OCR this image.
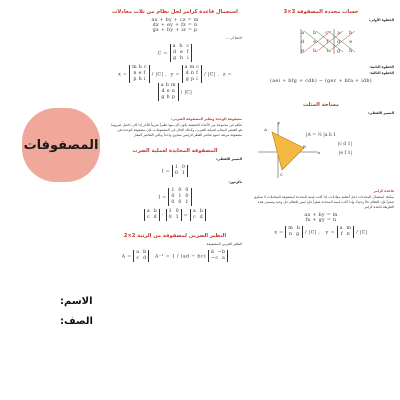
المصفوفات
الاسم:
الصف:
استعمال قاعدة كرامر لحل نظام من ثلاث معادلات
ax + by + cz = m
dx + ey + fz = n
gx + hy + iz = p
لاحظ أن ...
C = a  b  c
d  e  f
g  h  i
x = m b c
n e f
p h i / |C| ,  y = a m c
d n f
g p i / |C| ,  z = a b m
d e n
g h p / |C|
مصفوفة الوحدة ونظير المصفوفة الضربي:
نتكلم في مجموعة من الأعداد الحقيقية يكون كل منها نظيراً ضربياً للأخر إذا كان حاصل ضربهما هو العنصر المحايد لعملية الضرب، وكذلك الحال في المصفوفات، فإن مصفوفة الوحدة هي مصفوفة مربعة جميع عناصر القطر الرئيس تساوي واحداً وباقي العناصر أصفار
المصفوفة المحايدة لعملية الضرب
التعبير اللفظي:
I = 1  0
0  1
بالرموز:
I = 1  0  0
0  1  0
0  0  1
a  b
c  d · 1  0
0  1 = a  b
c  d
النظير الضربي لمصفوفة من الرتبة 2×2
النظير الضربي للمصفوفة
A = a  b
c  d   A⁻¹ = 1 / (ad − bc) d  −b
−c  a
حساب محددة المصفوفة 3×3
الخطوة الأولى:
a b c a b
d e f d e
g h i g h
الخطوة الثانية:
الخطوة الثالثة:
(aei + bfg + cdh) − (gec + hfa + idb)
مساحة المثلث
التعبير اللفظي:
A
B
C
x
y
A = ½ |a b 1|
|c d 1|
|e f 1|
قاعدة كرامر
يمكنك استعمال المحددات لحل أنظمة معادلات، إذا كانت قيمة المحددة لمصفوفة المعاملات لا تساوي صفراً فإن للنظام حلاً وحيداً، وإذا كانت قيمة المحددة صفراً فإن ليس للنظام حل وحيد وتسمى هذه الطريقة قاعدة كرامر
ax + by = m
fx + gy = n
x = m  b
n  g / |C| ,   y = a  m
f  n / |C|
